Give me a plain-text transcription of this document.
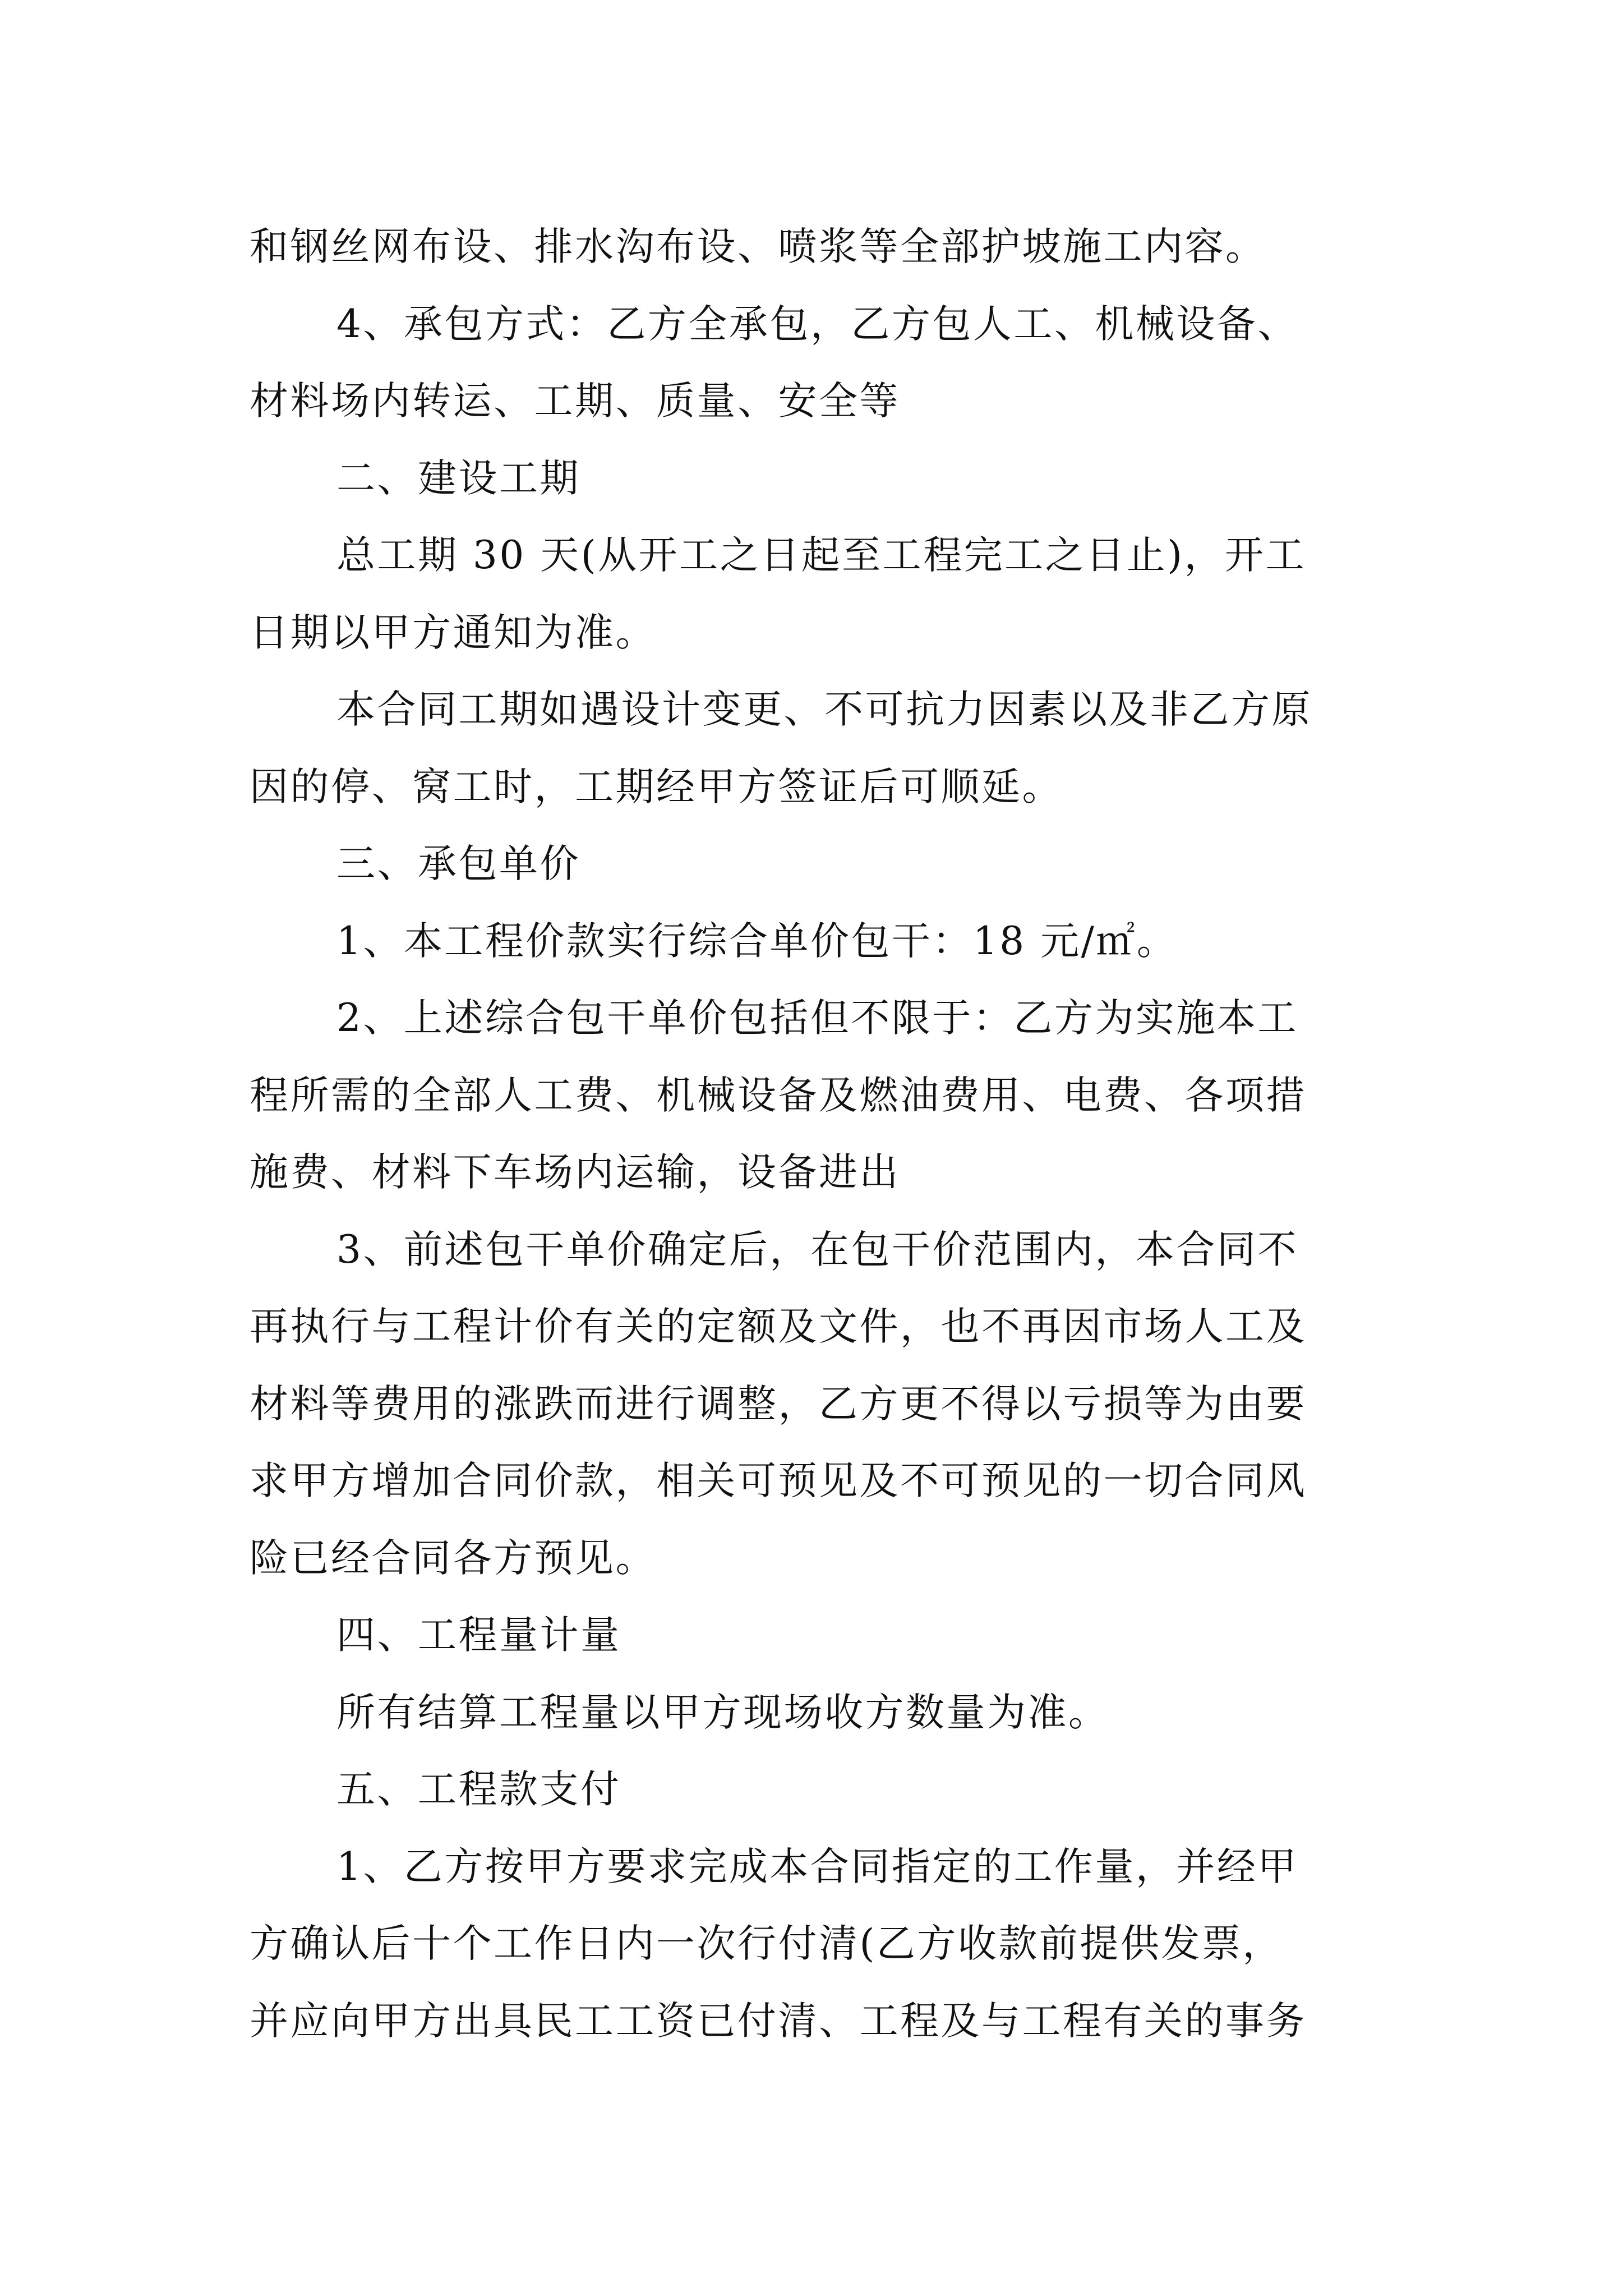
和钢丝网布设、排水沟布设、喷浆等全部护坡施工内容。
4、承包方式：乙方全承包，乙方包人工、机械设备、
材料场内转运、工期、质量、安全等
二、建设工期
总工期 30 天(从开工之日起至工程完工之日止)，开工
日期以甲方通知为准。
本合同工期如遇设计变更、不可抗力因素以及非乙方原
因的停、窝工时，工期经甲方签证后可顺延。
三、承包单价
1、本工程价款实行综合单价包干：18 元/㎡。
2、上述综合包干单价包括但不限于：乙方为实施本工
程所需的全部人工费、机械设备及燃油费用、电费、各项措
施费、材料下车场内运输，设备进出
3、前述包干单价确定后，在包干价范围内，本合同不
再执行与工程计价有关的定额及文件，也不再因市场人工及
材料等费用的涨跌而进行调整，乙方更不得以亏损等为由要
求甲方增加合同价款，相关可预见及不可预见的一切合同风
险已经合同各方预见。
四、工程量计量
所有结算工程量以甲方现场收方数量为准。
五、工程款支付
1、乙方按甲方要求完成本合同指定的工作量，并经甲
方确认后十个工作日内一次行付清(乙方收款前提供发票，
并应向甲方出具民工工资已付清、工程及与工程有关的事务
